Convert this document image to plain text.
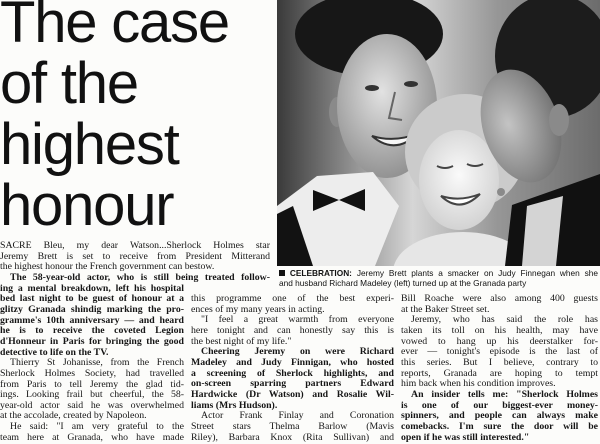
The case
of the
highest
honour
CELEBRATION: Jeremy Brett plants a smacker on Judy Finnegan when she
and husband Richard Madeley (left) turned up at the Granada party
SACRE Bleu, my dear Watson...Sherlock Holmes star
Jeremy Brett is set to receive from President Mitterand
the highest honour the French government can bestow.
The 58-year-old actor, who is still being treated follow-
ing a mental breakdown, left his hospital
bed last night to be guest of honour at a
glitzy Granada shindig marking the pro-
gramme's 10th anniversary — and heard
he is to receive the coveted Legion
d'Honneur in Paris for bringing the good
detective to life on the TV.
Thierry St Johanisse, from the French
Sherlock Holmes Society, had travelled
from Paris to tell Jeremy the glad tid-
ings. Looking frail but cheerful, the 58-
year-old actor said he was overwhelmed
at the accolade, created by Napoleon.
He said: "I am very grateful to the
team here at Granada, who have made
this programme one of the best experi-
ences of my many years in acting.
"I feel a great warmth from everyone
here tonight and can honestly say this is
the best night of my life."
Cheering Jeremy on were Richard
Madeley and Judy Finnigan, who hosted
a screening of Sherlock highlights, and
on-screen sparring partners Edward
Hardwicke (Dr Watson) and Rosalie Wil-
liams (Mrs Hudson).
Actor Frank Finlay and Coronation
Street stars Thelma Barlow (Mavis
Riley), Barbara Knox (Rita Sullivan) and
Bill Roache were also among 400 guests
at the Baker Street set.
Jeremy, who has said the role has
taken its toll on his health, may have
vowed to hang up his deerstalker for-
ever — tonight's episode is the last of
this series. But I believe, contrary to
reports, Granada are hoping to tempt
him back when his condition improves.
An insider tells me: "Sherlock Holmes
is one of our biggest-ever money-
spinners, and people can always make
comebacks. I'm sure the door will be
open if he was still interested."
